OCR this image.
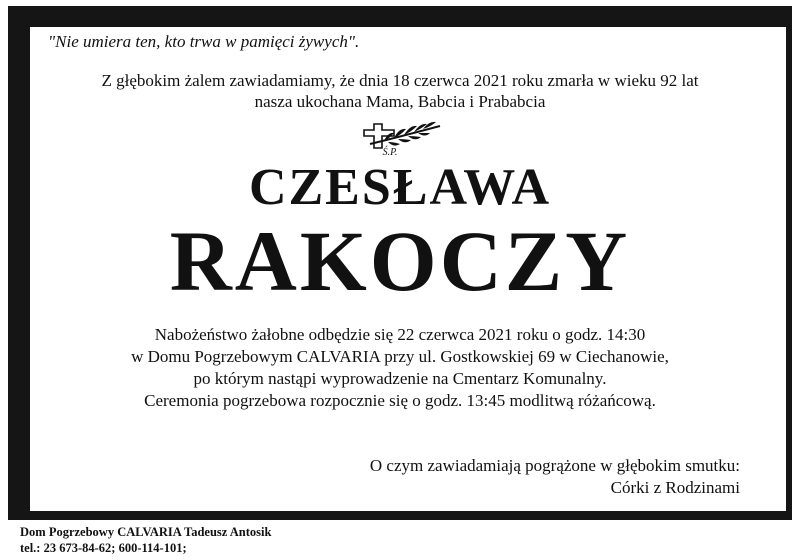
"Nie umiera ten, kto trwa w pamięci żywych".
Z głębokim żalem zawiadamiamy, że dnia 18 czerwca 2021 roku zmarła w wieku 92 lat
nasza ukochana Mama, Babcia i Prababcia
Ś.P.
CZESŁAWA
RAKOCZY
Nabożeństwo żałobne odbędzie się 22 czerwca 2021 roku o godz. 14:30
w Domu Pogrzebowym CALVARIA przy ul. Gostkowskiej 69 w Ciechanowie,
po którym nastąpi wyprowadzenie na Cmentarz Komunalny.
Ceremonia pogrzebowa rozpocznie się o godz. 13:45 modlitwą różańcową.
O czym zawiadamiają pogrążone w głębokim smutku:
Córki z Rodzinami
Dom Pogrzebowy CALVARIA Tadeusz Antosik
tel.: 23 673-84-62; 600-114-101;
